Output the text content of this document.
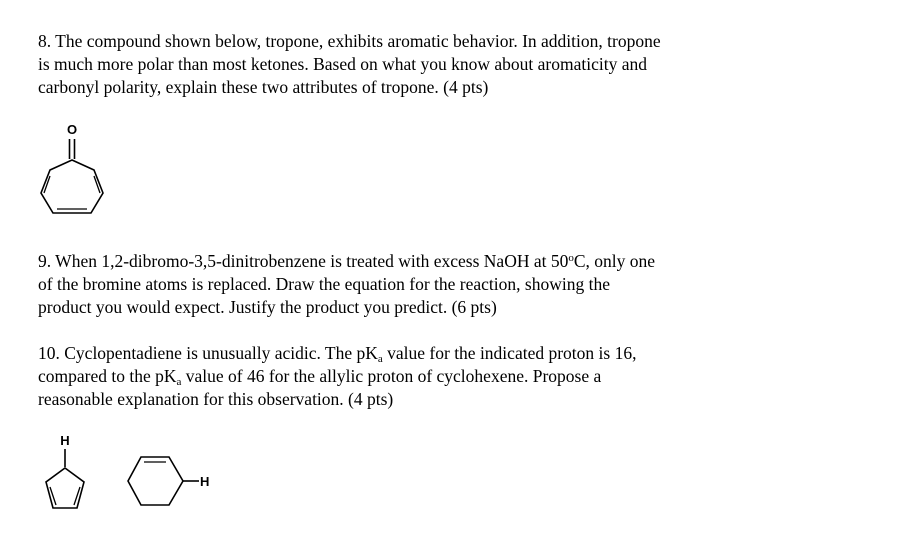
8. The compound shown below, tropone, exhibits aromatic behavior. In addition, tropone
is much more polar than most ketones. Based on what you know about aromaticity and
carbonyl polarity, explain these two attributes of tropone. (4 pts)
O
9. When 1,2-dibromo-3,5-dinitrobenzene is treated with excess NaOH at 50$^o$C, only one
of the bromine atoms is replaced. Draw the equation for the reaction, showing the
product you would expect. Justify the product you predict. (6 pts)
10. Cyclopentadiene is unusually acidic. The $pK_a$ value for the indicated proton is 16,
compared to the $pK_a$ value of 46 for the allylic proton of cyclohexene. Propose a
reasonable explanation for this observation. (4 pts)
H
H
